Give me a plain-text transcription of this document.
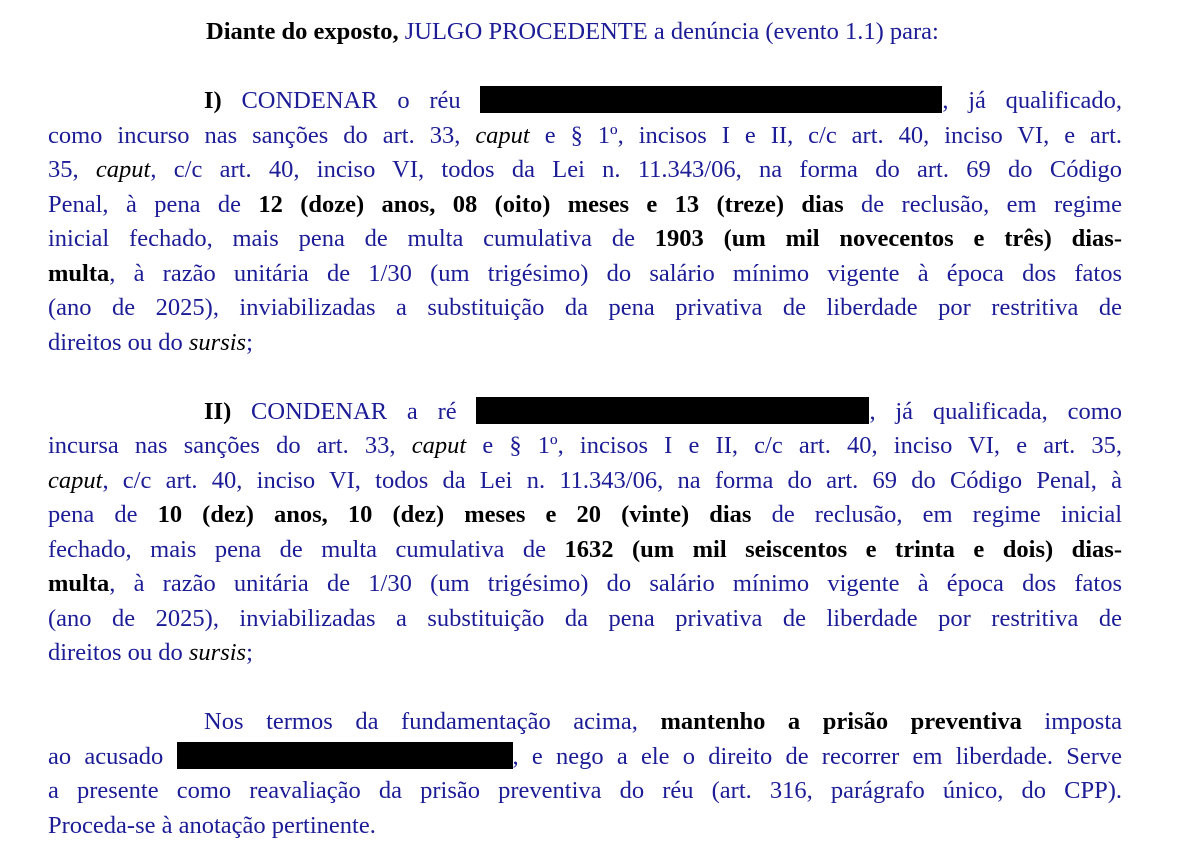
Diante do exposto, JULGO PROCEDENTE a denúncia (evento 1.1) para:
I) CONDENAR o réu	, já qualificado,
como incurso nas sanções do art. 33, caput e § 1º, incisos I e II, c/c art. 40, inciso VI, e art.
35, caput, c/c art. 40, inciso VI, todos da Lei n. 11.343/06, na forma do art. 69 do Código
Penal, à pena de 12 (doze) anos, 08 (oito) meses e 13 (treze) dias de reclusão, em regime
inicial fechado, mais pena de multa cumulativa de 1903 (um mil novecentos e três) dias-
multa, à razão unitária de 1/30 (um trigésimo) do salário mínimo vigente à época dos fatos
(ano de 2025), inviabilizadas a substituição da pena privativa de liberdade por restritiva de
direitos ou do sursis;
II) CONDENAR a ré	, já qualificada, como
incursa nas sanções do art. 33, caput e § 1º, incisos I e II, c/c art. 40, inciso VI, e art. 35,
caput, c/c art. 40, inciso VI, todos da Lei n. 11.343/06, na forma do art. 69 do Código Penal, à
pena de 10 (dez) anos, 10 (dez) meses e 20 (vinte) dias de reclusão, em regime inicial
fechado, mais pena de multa cumulativa de 1632 (um mil seiscentos e trinta e dois) dias-
multa, à razão unitária de 1/30 (um trigésimo) do salário mínimo vigente à época dos fatos
(ano de 2025), inviabilizadas a substituição da pena privativa de liberdade por restritiva de
direitos ou do sursis;
Nos termos da fundamentação acima, mantenho a prisão preventiva imposta
ao acusado	, e nego a ele o direito de recorrer em liberdade. Serve
a presente como reavaliação da prisão preventiva do réu (art. 316, parágrafo único, do CPP).
Proceda-se à anotação pertinente.
